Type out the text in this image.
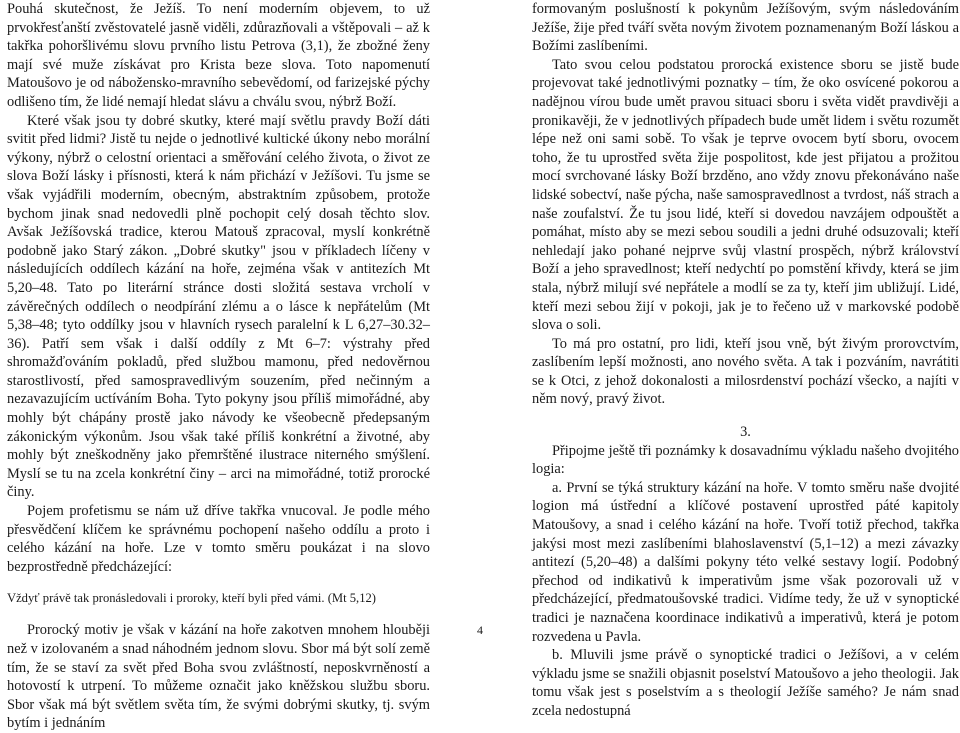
Pouhá skutečnost, že Ježíš. To není moderním objevem, to už prvokřesťanští zvěstovatelé jasně viděli, zdůrazňovali a vštěpovali – až k takřka pohoršlivému slovu prvního listu Petrova (3,1), že zbožné ženy mají své muže získávat pro Krista beze slova. Toto napomenutí Matoušovo je od nábožensko-mravního sebevědomí, od farizejské pýchy odlišeno tím, že lidé nemají hledat slávu a chválu svou, nýbrž Boží.

Které však jsou ty dobré skutky, které mají světlu pravdy Boží dáti svitit před lidmi? Jistě tu nejde o jednotlivé kultické úkony nebo morální výkony, nýbrž o celostní orientaci a směřování celého života, o život ze slova Boží lásky i přísnosti, která k nám přichází v Ježíšovi. Tu jsme se však vyjádřili moderním, obecným, abstraktním způsobem, protože bychom jinak snad nedovedli plně pochopit celý dosah těchto slov. Avšak Ježíšovská tradice, kterou Matouš zpracoval, myslí konkrétně podobně jako Starý zákon. „Dobré skutky" jsou v příkladech líčeny v následujících oddílech kázání na hoře, zejména však v antitezích Mt 5,20–48. Tato po literární stránce dosti složitá sestava vrcholí v závěrečných oddílech o neodpírání zlému a o lásce k nepřátelům (Mt 5,38–48; tyto oddílky jsou v hlavních rysech paralelní k L 6,27–30.32–36). Patří sem však i další oddíly z Mt 6–7: výstrahy před shromažďováním pokladů, před službou mamonu, před nedověrnou starostlivostí, před samospravedlivým souzením, před nečinným a nezavazujícím uctíváním Boha. Tyto pokyny jsou příliš mimořádné, aby mohly být chápány prostě jako návody ke všeobecně předepsaným zákonickým výkonům. Jsou však také příliš konkrétní a životné, aby mohly být zneškodněny jako přemrštěné ilustrace niterného smýšlení. Myslí se tu na zcela konkrétní činy – arci na mimořádné, totiž prorocké činy.

Pojem profetismu se nám už dříve takřka vnucoval. Je podle mého přesvědčení klíčem ke správnému pochopení našeho oddílu a proto i celého kázání na hoře. Lze v tomto směru poukázat i na slovo bezprostředně předcházející:

Vždyť právě tak pronásledovali i proroky, kteří byli před vámi. (Mt 5,12)

Prorocký motiv je však v kázání na hoře zakotven mnohem hlouběji než v izolovaném a snad náhodném jednom slovu. Sbor má být solí země tím, že se staví za svět před Boha svou zvláštností, neposkvrněností a hotovostí k utrpení. To můžeme označit jako kněžskou službu sboru. Sbor však má být světlem světa tím, že svými dobrými skutky, tj. svým bytím i jednáním

formovaným poslušností k pokynům Ježíšovým, svým následováním Ježíše, žije před tváří světa novým životem poznamenaným Boží láskou a Božími zaslíbeními.

Tato svou celou podstatou prorocká existence sboru se jistě bude projevovat také jednotlivými poznatky – tím, že oko osvícené pokorou a nadějnou vírou bude umět pravou situaci sboru i světa vidět pravdivěji a pronikavěji, že v jednotlivých případech bude umět lidem i světu rozumět lépe než oni sami sobě. To však je teprve ovocem bytí sboru, ovocem toho, že tu uprostřed světa žije pospolitost, kde jest přijatou a prožitou mocí svrchované lásky Boží brzděno, ano vždy znovu překonáváno naše lidské sobectví, naše pýcha, naše samospravedlnost a tvrdost, náš strach a naše zoufalství. Že tu jsou lidé, kteří si dovedou navzájem odpouštět a pomáhat, místo aby se mezi sebou soudili a jedni druhé odsuzovali; kteří nehledají jako pohané nejprve svůj vlastní prospěch, nýbrž království Boží a jeho spravedlnost; kteří nedychtí po pomstění křivdy, která se jim stala, nýbrž milují své nepřátele a modlí se za ty, kteří jim ubližují. Lidé, kteří mezi sebou žijí v pokoji, jak je to řečeno už v markovské podobě slova o soli.

To má pro ostatní, pro lidi, kteří jsou vně, být živým prorovctvím, zaslíbením lepší možnosti, ano nového světa. A tak i pozváním, navrátiti se k Otci, z jehož dokonalosti a milosrdenství pochází všecko, a najíti v něm nový, pravý život.

3.

Připojme ještě tři poznámky k dosavadnímu výkladu našeho dvojitého logia:

a. První se týká struktury kázání na hoře. V tomto směru naše dvojité logion má ústřední a klíčové postavení uprostřed páté kapitoly Matoušovy, a snad i celého kázání na hoře. Tvoří totiž přechod, takřka jakýsi most mezi zaslíbeními blahoslavenství (5,1–12) a mezi závazky antitezí (5,20–48) a dalšími pokyny této velké sestavy logií. Podobný přechod od indikativů k imperativům jsme však pozorovali už v předcházející, předmatoušovské tradici. Vidíme tedy, že už v synoptické tradici je naznačena koordinace indikativů a imperativů, která je potom rozvedena u Pavla.

b. Mluvili jsme právě o synoptické tradici o Ježíšovi, a v celém výkladu jsme se snažili objasnit poselství Matoušovo a jeho theologii. Jak tomu však jest s poselstvím a s theologií Ježíše samého? Je nám snad zcela nedostupná

4
